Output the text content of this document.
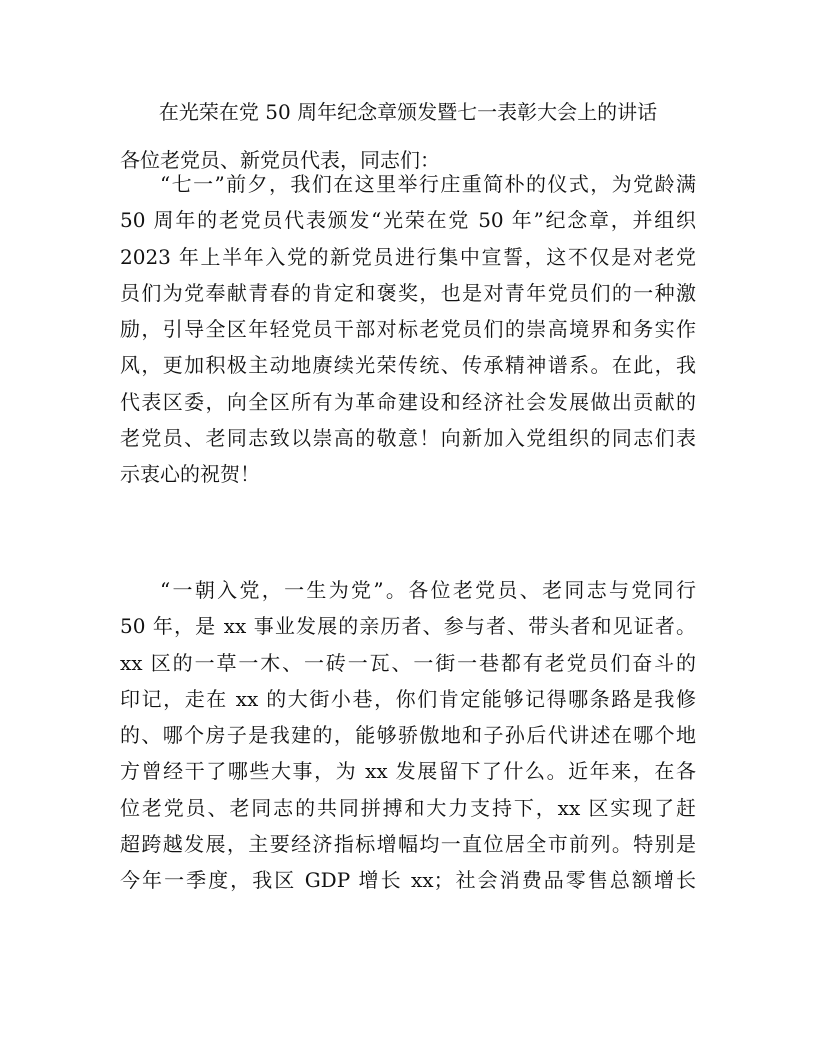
在光荣在党 50 周年纪念章颁发暨七一表彰大会上的讲话
各位老党员、新党员代表，同志们：
“七一”前夕，我们在这里举行庄重简朴的仪式，为党龄满
50 周年的老党员代表颁发“光荣在党 50 年”纪念章，并组织
2023 年上半年入党的新党员进行集中宣誓，这不仅是对老党
员们为党奉献青春的肯定和褒奖，也是对青年党员们的一种激
励，引导全区年轻党员干部对标老党员们的崇高境界和务实作
风，更加积极主动地赓续光荣传统、传承精神谱系。在此，我
代表区委，向全区所有为革命建设和经济社会发展做出贡献的
老党员、老同志致以崇高的敬意！向新加入党组织的同志们表
示衷心的祝贺！
“一朝入党，一生为党”。各位老党员、老同志与党同行
50 年，是 xx 事业发展的亲历者、参与者、带头者和见证者。
xx 区的一草一木、一砖一瓦、一街一巷都有老党员们奋斗的
印记，走在 xx 的大街小巷，你们肯定能够记得哪条路是我修
的、哪个房子是我建的，能够骄傲地和子孙后代讲述在哪个地
方曾经干了哪些大事，为 xx 发展留下了什么。近年来，在各
位老党员、老同志的共同拼搏和大力支持下，xx 区实现了赶
超跨越发展，主要经济指标增幅均一直位居全市前列。特别是
今年一季度，我区 GDP 增长 xx；社会消费品零售总额增长
